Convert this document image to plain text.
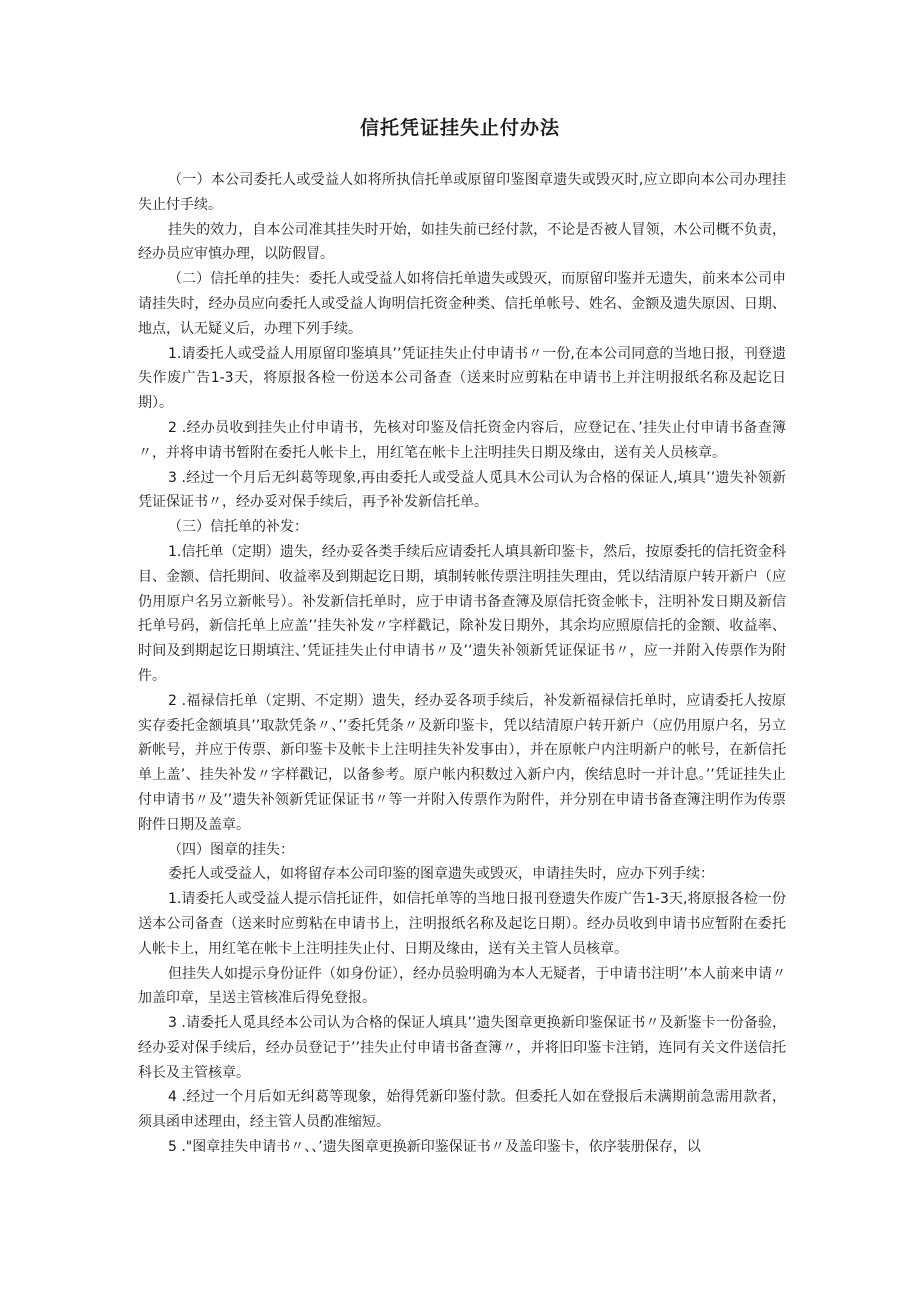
信托凭证挂失止付办法

（一）本公司委托人或受益人如将所执信托单或原留印鉴图章遗失或毁灭时,应立即向本公司办理挂失止付手续。

挂失的效力，自本公司准其挂失时开始，如挂失前已经付款，不论是否被人冒领，木公司概不负责，经办员应审慎办理，以防假冒。

（二）信托单的挂失：委托人或受益人如将信托单遗失或毁灭，而原留印鉴并无遗失，前来本公司申请挂失时，经办员应向委托人或受益人询明信托资金种类、信托单帐号、姓名、金额及遗失原因、日期、地点，认无疑义后，办理下列手续。

1.请委托人或受益人用原留印鉴填具’’凭证挂失止付申请书〃一份,在本公司同意的当地日报，刊登遗失作废广告1-3天，将原报各检一份送本公司备查（送来时应剪粘在申请书上并注明报纸名称及起讫日期）。

2 .经办员收到挂失止付申请书，先核对印鉴及信托资金内容后，应登记在、’挂失止付申请书备查簿〃，并将申请书暂附在委托人帐卡上，用红笔在帐卡上注明挂失日期及缘由，送有关人员核章。

3 .经过一个月后无纠葛等现象,再由委托人或受益人觅具木公司认为合格的保证人,填具’’遗失补领新凭证保证书〃，经办妥对保手续后，再予补发新信托单。

（三）信托单的补发：

1.信托单（定期）遗失，经办妥各类手续后应请委托人填具新印鉴卡，然后，按原委托的信托资金科目、金额、信托期间、收益率及到期起讫日期，填制转帐传票注明挂失理由，凭以结清原户转开新户（应仍用原户名另立新帐号）。补发新信托单时，应于申请书备查簿及原信托资金帐卡，注明补发日期及新信托单号码，新信托单上应盖’’挂失补发〃字样戳记，除补发日期外，其余均应照原信托的金额、收益率、时间及到期起讫日期填注、’凭证挂失止付申请书〃及’’遗失补领新凭证保证书〃，应一并附入传票作为附件。

2 .福禄信托单（定期、不定期）遗失，经办妥各项手续后，补发新福禄信托单时，应请委托人按原实存委托金额填具’’取款凭条〃、’’委托凭条〃及新印鉴卡，凭以结清原户转开新户（应仍用原户名，另立新帐号，并应于传票、新印鉴卡及帐卡上注明挂失补发事由），并在原帐户内注明新户的帐号，在新信托单上盖’、挂失补发〃字样戳记，以备参考。原户帐内积数过入新户内，俟结息时一并计息。’’凭证挂失止付申请书〃及’’遗失补领新凭证保证书〃等一并附入传票作为附件，并分别在申请书备查簿注明作为传票附件日期及盖章。

（四）图章的挂失：

委托人或受益人，如将留存本公司印鉴的图章遗失或毁灭，申请挂失时，应办下列手续：

1.请委托人或受益人提示信托证件，如信托单等的当地日报刊登遗失作废广告1-3天,将原报各检一份送本公司备查（送来时应剪粘在申请书上，注明报纸名称及起讫日期）。经办员收到申请书应暂附在委托人帐卡上，用红笔在帐卡上注明挂失止付、日期及缘由，送有关主管人员核章。

但挂失人如提示身份证件（如身份证），经办员验明确为本人无疑者，于申请书注明’’本人前来申请〃加盖印章，呈送主管核准后得免登报。

3 .请委托人觅具经本公司认为合格的保证人填具’’遗失图章更换新印鉴保证书〃及新鉴卡一份备验，经办妥对保手续后，经办员登记于’’挂失止付申请书备查簿〃，并将旧印鉴卡注销，连同有关文件送信托科长及主管核章。

4 .经过一个月后如无纠葛等现象，始得凭新印鉴付款。但委托人如在登报后未满期前急需用款者，须具函申述理由，经主管人员酌准缩短。

5 ."图章挂失申请书〃、、’遗失图章更换新印鉴保证书〃及盖印鉴卡，依序装册保存，以
